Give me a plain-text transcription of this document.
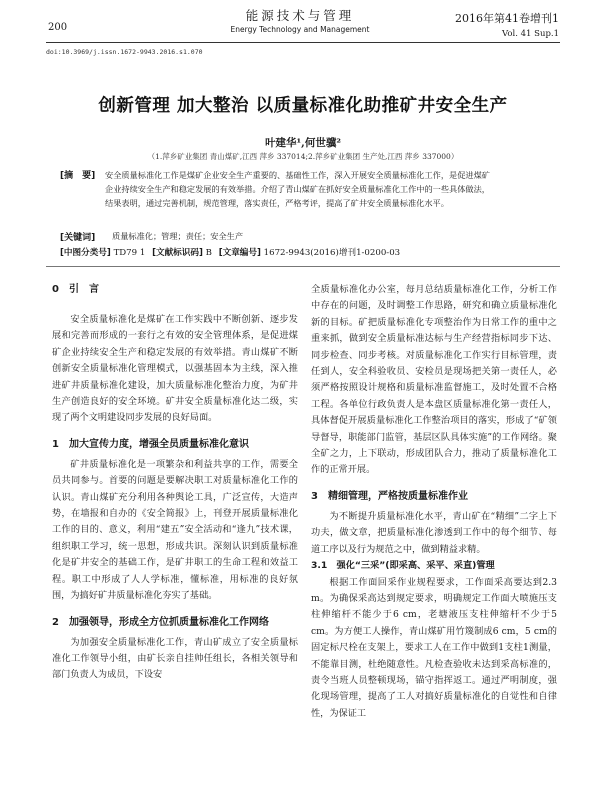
200
能源技术与管理
Energy Technology and Management
2016年第41卷增刊1
Vol. 41 Sup.1
doi:10.3969/j.issn.1672-9943.2016.s1.070
创新管理 加大整治 以质量标准化助推矿井安全生产
叶建华¹,何世骥²
（1.萍乡矿业集团 青山煤矿,江西 萍乡 337014;2.萍乡矿业集团 生产处,江西 萍乡 337000）
[摘　要] 安全质量标准化工作是煤矿企业安全生产重要的、基础性工作，深入开展安全质量标准化工作，是促进煤矿企业持续安全生产和稳定发展的有效举措。介绍了青山煤矿在抓好安全质量标准化工作中的一些具体做法，结果表明，通过完善机制，规范管理，落实责任，严格考评，提高了矿井安全质量标准化水平。
[关键词] 质量标准化；管理；责任；安全生产
[中图分类号] TD79 1 [文献标识码] B [文章编号] 1672-9943(2016)增刊1-0200-03
0　引　言

安全质量标准化是煤矿在工作实践中不断创新、逐步发展和完善而形成的一套行之有效的安全管理体系，是促进煤矿企业持续安全生产和稳定发展的有效举措。青山煤矿不断创新安全质量标准化管理模式，以强基固本为主线，深入推进矿井质量标准化建设，加大质量标准化整治力度，为矿井生产创造良好的安全环境。矿井安全质量标准化达二级，实现了两个文明建设同步发展的良好局面。

1　加大宣传力度，增强全员质量标准化意识

矿井质量标准化是一项繁杂和利益共享的工作，需要全员共同参与。首要的问题是要解决职工对质量标准化工作的认识。青山煤矿充分利用各种舆论工具，广泛宣传，大造声势，在墙报和自办的《安全简报》上，刊登开展质量标准化工作的目的、意义，利用“建五”安全活动和“逢九”技术课，组织职工学习，统一思想，形成共识。深刻认识到质量标准化是矿井安全的基础工作，是矿井职工的生命工程和效益工程。职工中形成了人人学标准，懂标准，用标准的良好氛围，为搞好矿井质量标准化夯实了基础。

2　加强领导，形成全方位抓质量标准化工作网络

为加强安全质量标准化工作，青山矿成立了安全质量标准化工作领导小组，由矿长亲自挂帅任组长，各相关领导和部门负责人为成员，下设安

全质量标准化办公室，每月总结质量标准化工作，分析工作中存在的问题，及时调整工作思路，研究和确立质量标准化新的目标。矿把质量标准化专项整治作为日常工作的重中之重来抓，做到安全质量标准达标与生产经营指标同步下达、同步检查、同步考核。对质量标准化工作实行目标管理，责任到人，安全科验收员、安检员是现场把关第一责任人，必须严格按照设计规格和质量标准监督施工，及时处置不合格工程。各单位行政负责人是本盘区质量标准化第一责任人，具体督促开展质量标准化工作整治项目的落实，形成了“矿领导督导，职能部门监管，基层区队具体实施”的工作网络。聚全矿之力，上下联动，形成团队合力，推动了质量标准化工作的正常开展。

3　精细管理，严格按质量标准作业

为不断提升质量标准化水平，青山矿在“精细”二字上下功夫，做文章，把质量标准化渗透到工作中的每个细节、每道工序以及行为规范之中，做到精益求精。

3.1　强化“三采”(即采高、采平、采直)管理

根据工作面回采作业规程要求，工作面采高要达到2.3 m。为确保采高达到规定要求，明确规定工作面大喷施压支柱伸缩杆不能少于6 cm，老塘液压支柱伸缩杆不少于5 cm。为方便工人操作，青山煤矿用竹篾制成6 cm，5 cm的固定标尺栓在支架上，要求工人在工作中做到1支柱1测量，不能靠目测，杜绝随意性。凡检查验收未达到采高标准的，责令当班人员整顿现场，锚守指挥返工。通过严明制度，强化现场管理，提高了工人对搞好质量标准化的自觉性和自律性，为保证工
